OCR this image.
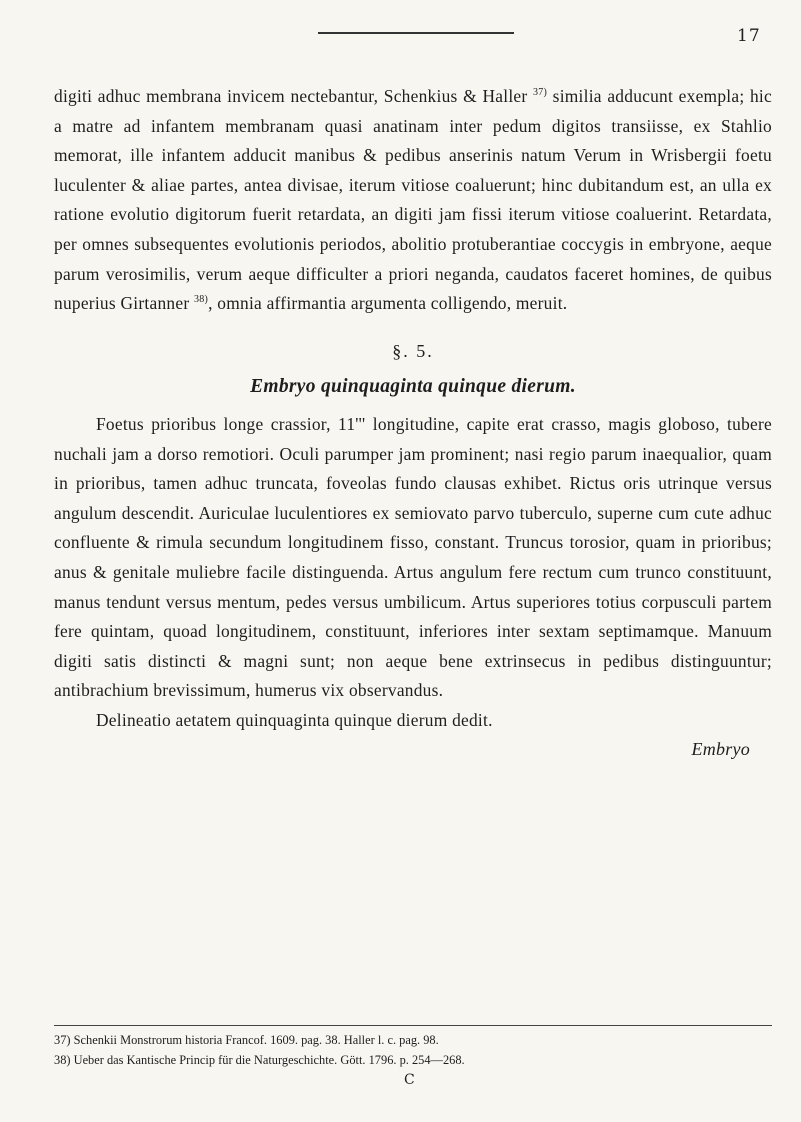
17

digiti adhuc membrana invicem nectebantur, Schenkius & Haller $^{37)}$ similia adducunt exempla; hic a matre ad infantem membranam quasi anatinam inter pedum digitos transiisse, ex Stahlio memorat, ille infantem adducit manibus & pedibus anserinis natum Verum in Wrisbergii foetu luculenter & aliae partes, antea divisae, iterum vitiose coaluerunt; hinc dubitandum est, an ulla ex ratione evolutio digitorum fuerit retardata, an digiti jam fissi iterum vitiose coaluerint. Retardata, per omnes subsequentes evolutionis periodos, abolitio protuberantiae coccygis in embryone, aeque parum verosimilis, verum aeque difficulter a priori neganda, caudatos faceret homines, de quibus nuperius Girtanner $^{38)}$, omnia affirmantia argumenta colligendo, meruit.

§. 5.

Embryo quinquaginta quinque dierum.

Foetus prioribus longe crassior, 11''' longitudine, capite erat crasso, magis globoso, tubere nuchali jam a dorso remotiori. Oculi parumper jam prominent; nasi regio parum inaequalior, quam in prioribus, tamen adhuc truncata, foveolas fundo clausas exhibet. Rictus oris utrinque versus angulum descendit. Auriculae luculentiores ex semiovato parvo tuberculo, superne cum cute adhuc confluente & rimula secundum longitudinem fisso, constant. Truncus torosior, quam in prioribus; anus & genitale muliebre facile distinguenda. Artus angulum fere rectum cum trunco constituunt, manus tendunt versus mentum, pedes versus umbilicum. Artus superiores totius corpusculi partem fere quintam, quoad longitudinem, constituunt, inferiores inter sextam septimamque. Manuum digiti satis distincti & magni sunt; non aeque bene extrinsecus in pedibus distinguuntur; antibrachium brevissimum, humerus vix observandus.

Delineatio aetatem quinquaginta quinque dierum dedit.

Embryo

37) Schenkii Monstrorum historia Francof. 1609. pag. 38. Haller l. c. pag. 98.

38) Ueber das Kantische Princip für die Naturgeschichte. Gött. 1796. p. 254—268.

C
